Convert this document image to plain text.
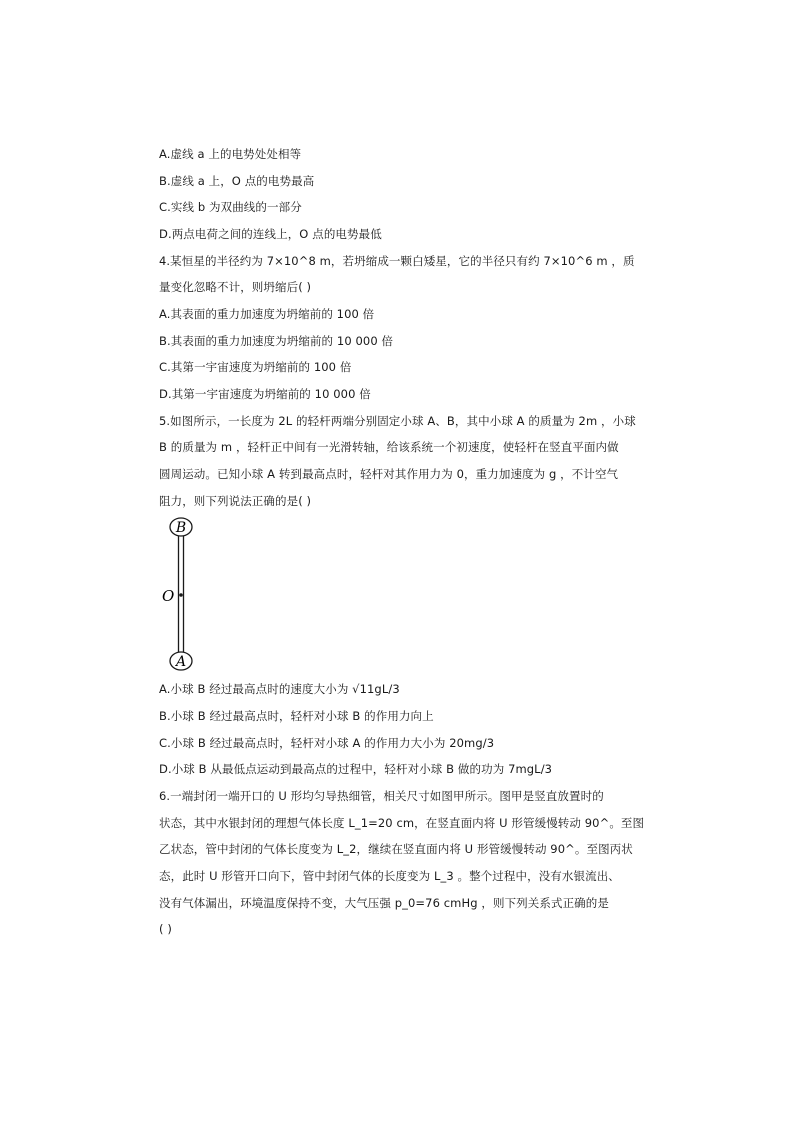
A.虚线 a 上的电势处处相等
B.虚线 a 上，O 点的电势最高
C.实线 b 为双曲线的一部分
D.两点电荷之间的连线上，O 点的电势最低
4.某恒星的半径约为 7×10^8 m，若坍缩成一颗白矮星，它的半径只有约 7×10^6 m ，质
量变化忽略不计，则坍缩后( )
A.其表面的重力加速度为坍缩前的 100 倍
B.其表面的重力加速度为坍缩前的 10 000 倍
C.其第一宇宙速度为坍缩前的 100 倍
D.其第一宇宙速度为坍缩前的 10 000 倍
5.如图所示，一长度为 2L 的轻杆两端分别固定小球 A、B，其中小球 A 的质量为 2m ，小球
B 的质量为 m ，轻杆正中间有一光滑转轴，给该系统一个初速度，使轻杆在竖直平面内做
圆周运动。已知小球 A 转到最高点时，轻杆对其作用力为 0，重力加速度为 g ，不计空气
阻力，则下列说法正确的是( )
B
A
O
A.小球 B 经过最高点时的速度大小为 √11gL/3
B.小球 B 经过最高点时，轻杆对小球 B 的作用力向上
C.小球 B 经过最高点时，轻杆对小球 A 的作用力大小为 20mg/3
D.小球 B 从最低点运动到最高点的过程中，轻杆对小球 B 做的功为 7mgL/3
6.一端封闭一端开口的 U 形均匀导热细管，相关尺寸如图甲所示。图甲是竖直放置时的
状态，其中水银封闭的理想气体长度 L_1=20 cm，在竖直面内将 U 形管缓慢转动 90^。至图
乙状态，管中封闭的气体长度变为 L_2，继续在竖直面内将 U 形管缓慢转动 90^。至图丙状
态，此时 U 形管开口向下，管中封闭气体的长度变为 L_3 。整个过程中，没有水银流出、
没有气体漏出，环境温度保持不变，大气压强 p_0=76 cmHg ，则下列关系式正确的是
( )
